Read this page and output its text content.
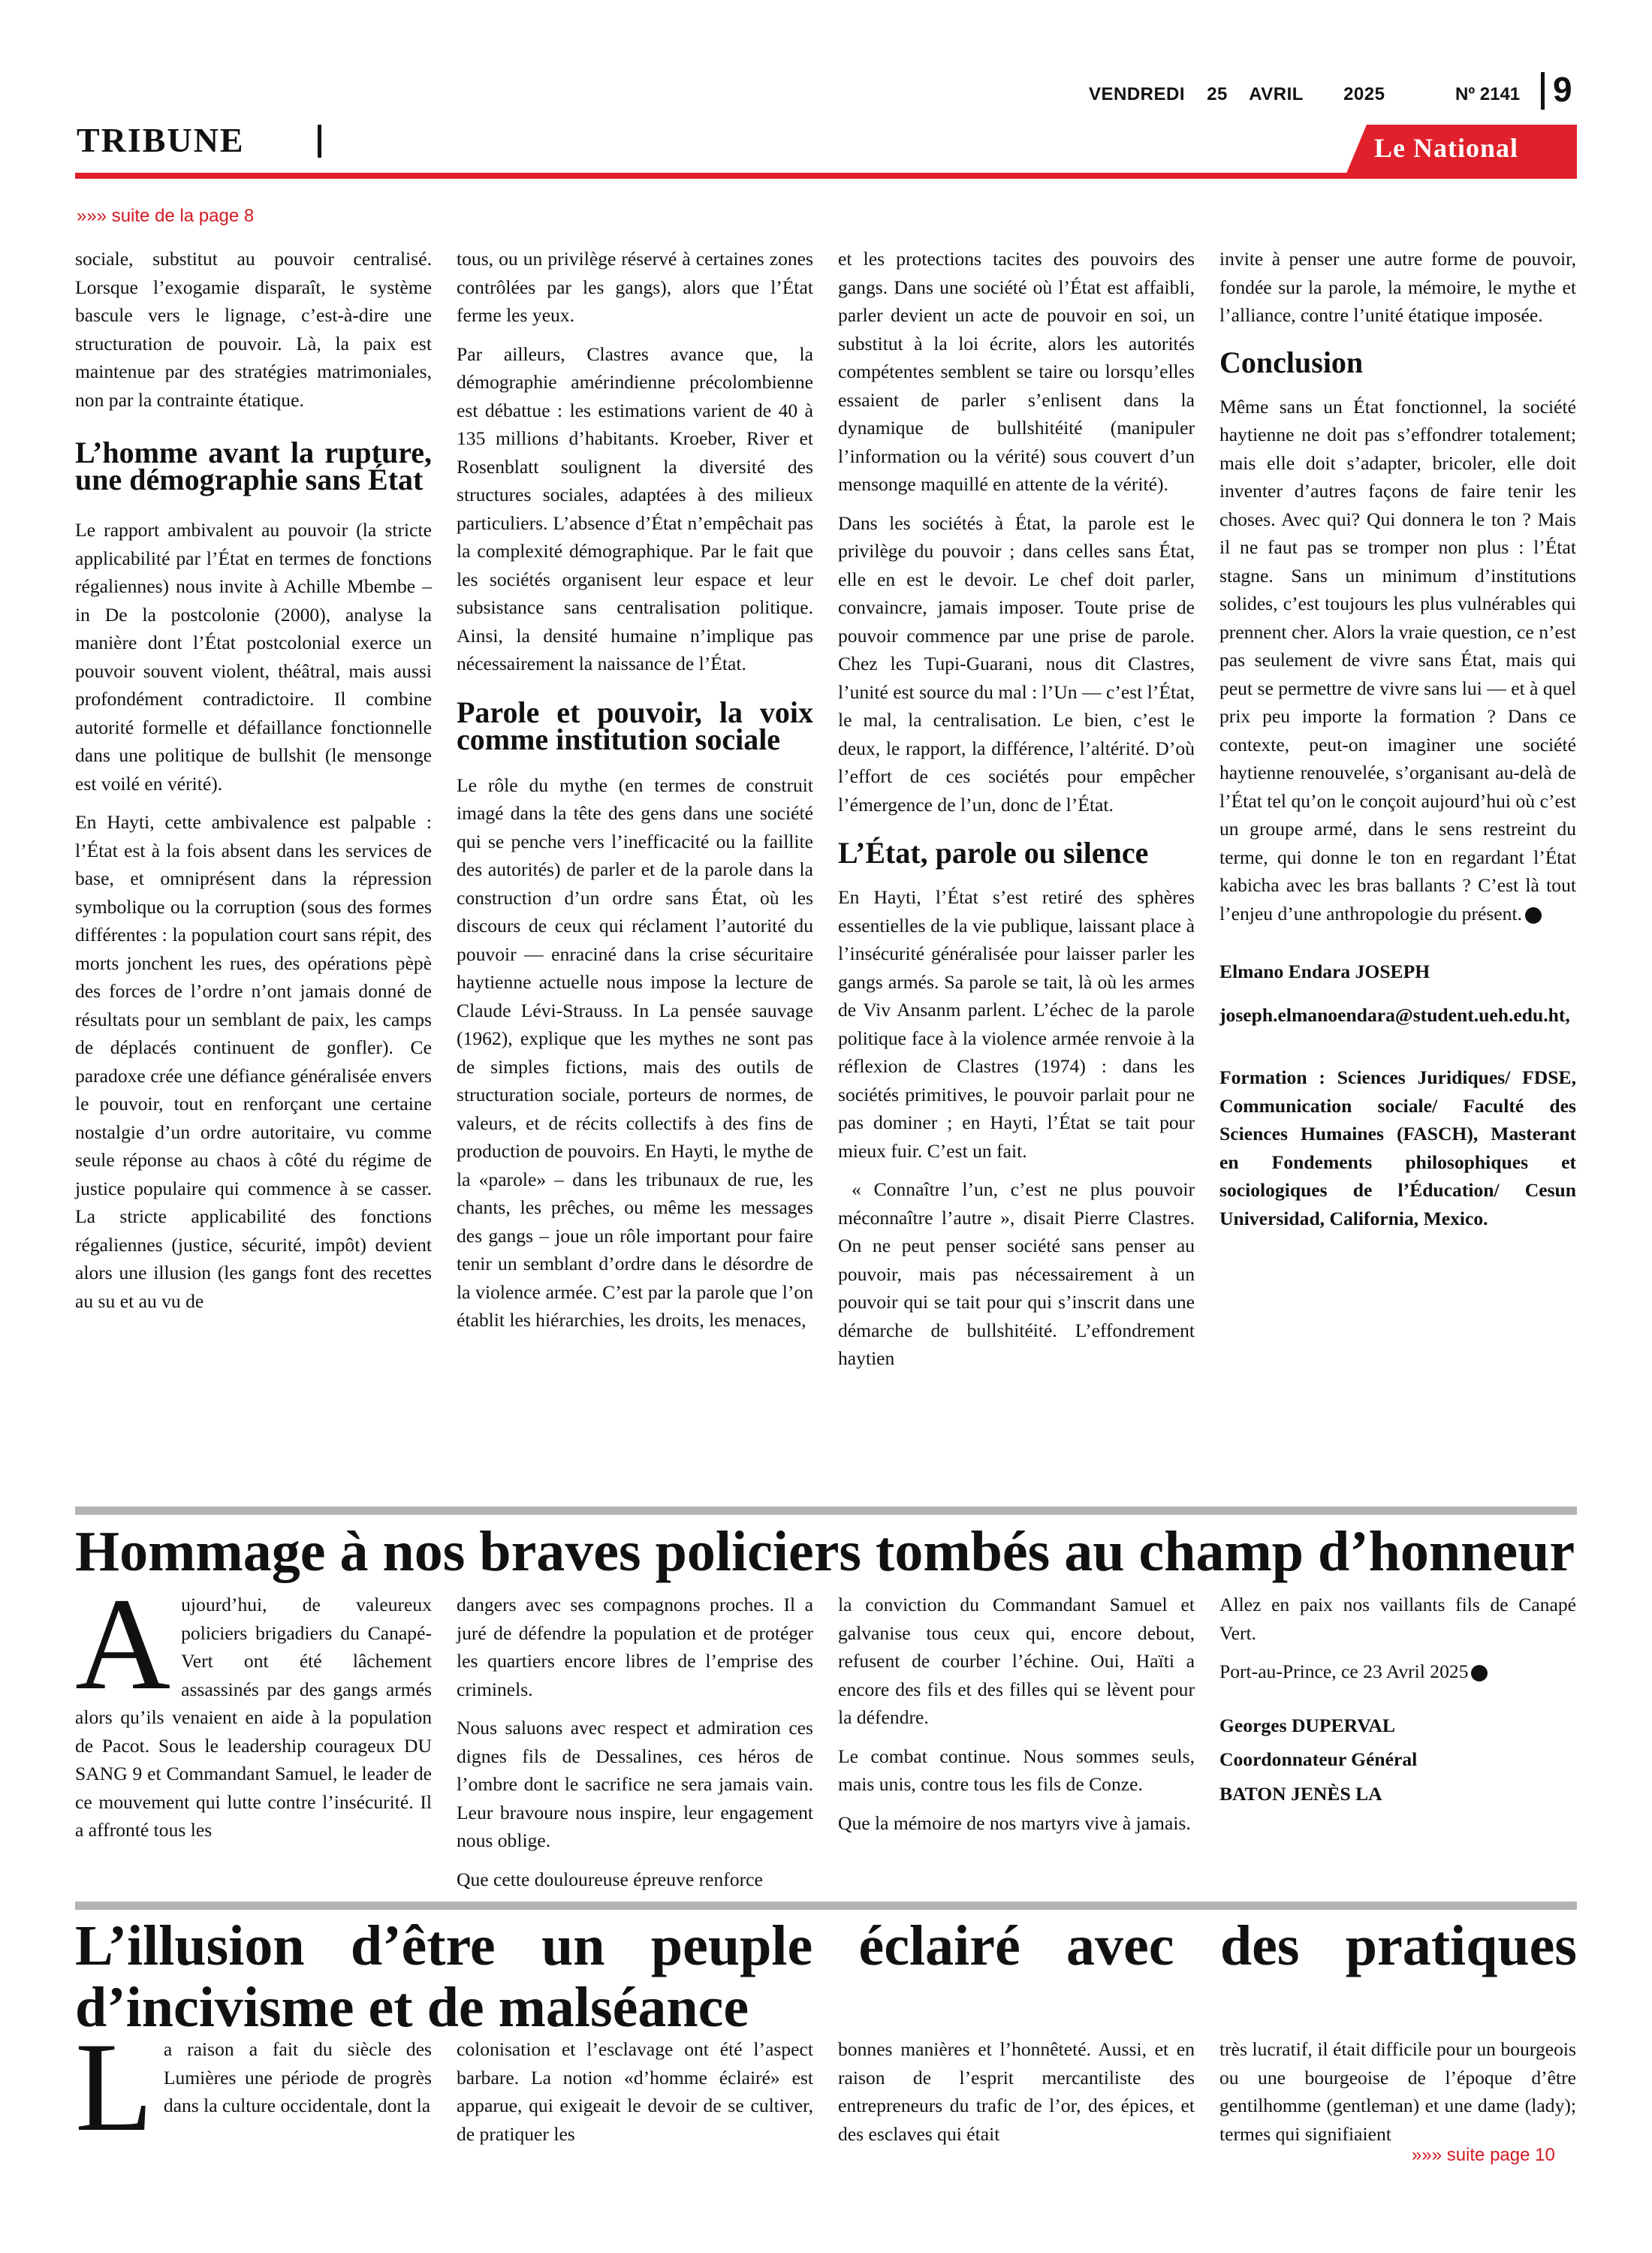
VENDREDI 25 AVRIL 2025	Nº 2141 9
TRIBUNE	Le National
»»» suite de la page 8

sociale, substitut au pouvoir centralisé. Lorsque l’exogamie disparaît, le système bascule vers le lignage, c’est-à-dire une structuration de pouvoir. Là, la paix est maintenue par des stratégies matrimoniales, non par la contrainte étatique.

L’homme avant la rupture, une démographie sans État

Le rapport ambivalent au pouvoir (la stricte applicabilité par l’État en termes de fonctions régaliennes) nous invite à Achille Mbembe – in De la postcolonie (2000), analyse la manière dont l’État postcolonial exerce un pouvoir souvent violent, théâtral, mais aussi profondément contradictoire. Il combine autorité formelle et défaillance fonctionnelle dans une politique de bullshit (le mensonge est voilé en vérité).

En Hayti, cette ambivalence est palpable : l’État est à la fois absent dans les services de base, et omniprésent dans la répression symbolique ou la corruption (sous des formes différentes : la population court sans répit, des morts jonchent les rues, des opérations pèpè des forces de l’ordre n’ont jamais donné de résultats pour un semblant de paix, les camps de déplacés continuent de gonfler). Ce paradoxe crée une défiance généralisée envers le pouvoir, tout en renforçant une certaine nostalgie d’un ordre autoritaire, vu comme seule réponse au chaos à côté du régime de justice populaire qui commence à se casser. La stricte applicabilité des fonctions régaliennes (justice, sécurité, impôt) devient alors une illusion (les gangs font des recettes au su et au vu de

tous, ou un privilège réservé à certaines zones contrôlées par les gangs), alors que l’État ferme les yeux.

Par ailleurs, Clastres avance que, la démographie amérindienne précolombienne est débattue : les estimations varient de 40 à 135 millions d’habitants. Kroeber, River et Rosenblatt soulignent la diversité des structures sociales, adaptées à des milieux particuliers. L’absence d’État n’empêchait pas la complexité démographique. Par le fait que les sociétés organisent leur espace et leur subsistance sans centralisation politique. Ainsi, la densité humaine n’implique pas nécessairement la naissance de l’État.

Parole et pouvoir, la voix comme institution sociale

Le rôle du mythe (en termes de construit imagé dans la tête des gens dans une société qui se penche vers l’inefficacité ou la faillite des autorités) de parler et de la parole dans la construction d’un ordre sans État, où les discours de ceux qui réclament l’autorité du pouvoir — enraciné dans la crise sécuritaire haytienne actuelle nous impose la lecture de Claude Lévi-Strauss. In La pensée sauvage (1962), explique que les mythes ne sont pas de simples fictions, mais des outils de structuration sociale, porteurs de normes, de valeurs, et de récits collectifs à des fins de production de pouvoirs. En Hayti, le mythe de la «parole» – dans les tribunaux de rue, les chants, les prêches, ou même les messages des gangs – joue un rôle important pour faire tenir un semblant d’ordre dans le désordre de la violence armée. C’est par la parole que l’on établit les hiérarchies, les droits, les menaces,

et les protections tacites des pouvoirs des gangs. Dans une société où l’État est affaibli, parler devient un acte de pouvoir en soi, un substitut à la loi écrite, alors les autorités compétentes semblent se taire ou lorsqu’elles essaient de parler s’enlisent dans la dynamique de bullshitéité (manipuler l’information ou la vérité) sous couvert d’un mensonge maquillé en attente de la vérité).

Dans les sociétés à État, la parole est le privilège du pouvoir ; dans celles sans État, elle en est le devoir. Le chef doit parler, convaincre, jamais imposer. Toute prise de pouvoir commence par une prise de parole. Chez les Tupi-Guarani, nous dit Clastres, l’unité est source du mal : l’Un — c’est l’État, le mal, la centralisation. Le bien, c’est le deux, le rapport, la différence, l’altérité. D’où l’effort de ces sociétés pour empêcher l’émergence de l’un, donc de l’État.

L’État, parole ou silence

En Hayti, l’État s’est retiré des sphères essentielles de la vie publique, laissant place à l’insécurité généralisée pour laisser parler les gangs armés. Sa parole se tait, là où les armes de Viv Ansanm parlent. L’échec de la parole politique face à la violence armée renvoie à la réflexion de Clastres (1974) : dans les sociétés primitives, le pouvoir parlait pour ne pas dominer ; en Hayti, l’État se tait pour mieux fuir. C’est un fait.

« Connaître l’un, c’est ne plus pouvoir méconnaître l’autre », disait Pierre Clastres. On ne peut penser société sans penser au pouvoir, mais pas nécessairement à un pouvoir qui se tait pour qui s’inscrit dans une démarche de bullshitéité. L’effondrement haytien

invite à penser une autre forme de pouvoir, fondée sur la parole, la mémoire, le mythe et l’alliance, contre l’unité étatique imposée.

Conclusion

Même sans un État fonctionnel, la société haytienne ne doit pas s’effondrer totalement; mais elle doit s’adapter, bricoler, elle doit inventer d’autres façons de faire tenir les choses. Avec qui? Qui donnera le ton ? Mais il ne faut pas se tromper non plus : l’État stagne. Sans un minimum d’institutions solides, c’est toujours les plus vulnérables qui prennent cher. Alors la vraie question, ce n’est pas seulement de vivre sans État, mais qui peut se permettre de vivre sans lui — et à quel prix peu importe la formation ? Dans ce contexte, peut-on imaginer une société haytienne renouvelée, s’organisant au-delà de l’État tel qu’on le conçoit aujourd’hui où c’est un groupe armé, dans le sens restreint du terme, qui donne le ton en regardant l’État kabicha avec les bras ballants ? C’est là tout l’enjeu d’une anthropologie du présent.

Elmano Endara JOSEPH

joseph.elmanoendara@student.ueh.edu.ht,

Formation : Sciences Juridiques/ FDSE, Communication sociale/ Faculté des Sciences Humaines (FASCH), Masterant en Fondements philosophiques et sociologiques de l’Éducation/ Cesun Universidad, California, Mexico.

Hommage à nos braves policiers tombés au champ d’honneur

Aujourd’hui, de valeureux policiers brigadiers du Canapé-Vert ont été lâchement assassinés par des gangs armés alors qu’ils venaient en aide à la population de Pacot. Sous le leadership courageux DU SANG 9 et Commandant Samuel, le leader de ce mouvement qui lutte contre l’insécurité. Il a affronté tous les

dangers avec ses compagnons proches. Il a juré de défendre la population et de protéger les quartiers encore libres de l’emprise des criminels.

Nous saluons avec respect et admiration ces dignes fils de Dessalines, ces héros de l’ombre dont le sacrifice ne sera jamais vain. Leur bravoure nous inspire, leur engagement nous oblige.

Que cette douloureuse épreuve renforce

la conviction du Commandant Samuel et galvanise tous ceux qui, encore debout, refusent de courber l’échine. Oui, Haïti a encore des fils et des filles qui se lèvent pour la défendre.

Le combat continue. Nous sommes seuls, mais unis, contre tous les fils de Conze.

Que la mémoire de nos martyrs vive à jamais.

Allez en paix nos vaillants fils de Canapé Vert.

Port-au-Prince, ce 23 Avril 2025

Georges DUPERVAL

Coordonnateur Général

BATON JENÈS LA

L’illusion d’être un peuple éclairé avec des pratiques
d’incivisme et de malséance

La raison a fait du siècle des Lumières une période de progrès dans la culture occidentale, dont la

colonisation et l’esclavage ont été l’aspect barbare. La notion «d’homme éclairé» est apparue, qui exigeait le devoir de se cultiver, de pratiquer les

bonnes manières et l’honnêteté. Aussi, et en raison de l’esprit mercantiliste des entrepreneurs du trafic de l’or, des épices, et des esclaves qui était

très lucratif, il était difficile pour un bourgeois ou une bourgeoise de l’époque d’être gentilhomme (gentleman) et une dame (lady); termes qui signifiaient

»»» suite page 10
